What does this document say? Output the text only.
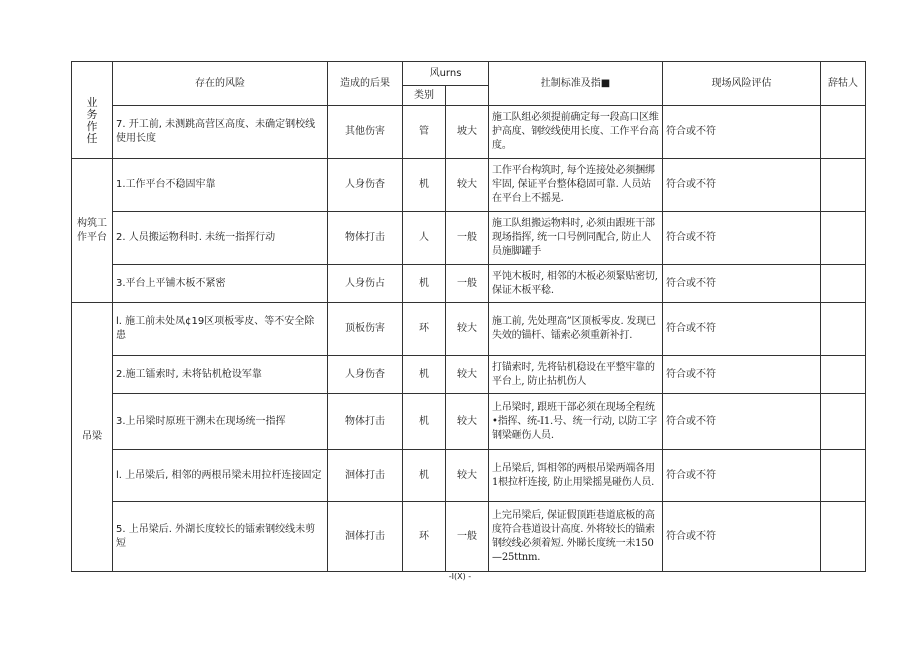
业务作任	存在的风险	造成的后果	风urns		扗制标准及指■	现场风险评估	辞牯人
			类别				
	7. 开工前, 未测跳高营区高度、未确定钢校线使用长度	其他伤害	管	坡大	施工队组必须提前确定每一段高口区维护高度、钢绞线使用长度、工作平台高度。	符合或不符	
构筑工作平台	1.工作平台不稳固牢靠	人身伤杳	机	较大	工作平台构筑时, 每个连接处必须捆绑牢固, 保证平台整体稳固可靠. 人员站在平台上不摇晃.	符合或不符	
	2. 人员搬运物科时. 未统一指挥行动	物体打击	人	一般	施工队组搬运物料时, 必须由跟班干部现场指挥, 统一口号例同配合, 防止人员施脚罐手	符合或不符	
	3.平台上平铺木板不紧密	人身伤占	机	一般	平饨木板时, 相邻的木板必须緊贴密切, 保证木板平稔.	符合或不符	
吊梁	l. 施工前未处凤¢19区项板零皮、等不安全除患	顶板伤害	环	较大	施工前, 先处理高”区顶板零皮. 发现已失效的锚杆、镭索必须重新补打.	符合或不符	
	2.施工镭索时, 未将钻机枪设军靠	人身伤杳	机	较大	打锚索时, 先将钻机稳设在平整牢靠的平台上, 防止拈机伤人	符合或不符	
	3.上吊梁时原班干溯未在现场统一指挥	物体打击	机	较大	上吊梁时, 跟班干部必须在现场全程统•指挥、统-I1.号、统一行动, 以防工字钢梁砸伤人员.	符合或不符	
	l. 上吊梁后, 相邻的两根吊梁未用拉杆连接固定	洄体打击	机	较大	上吊梁后, 饵相邻的两根吊梁两端各用1根拉杆连接, 防止用梁摇晃碰伤人员.	符合或不符	
	5. 上吊梁后. 外湖长度较长的镭索钢绞线未剪短	洄体打击	环	一般	上完吊梁后, 保证假顶距巷道底板的高度符合巷道设计高度. 外将较长的锚索钢绞线必须着短. 外睇长度统一未150—25ttnm.	符合或不符	
-I(X) -
